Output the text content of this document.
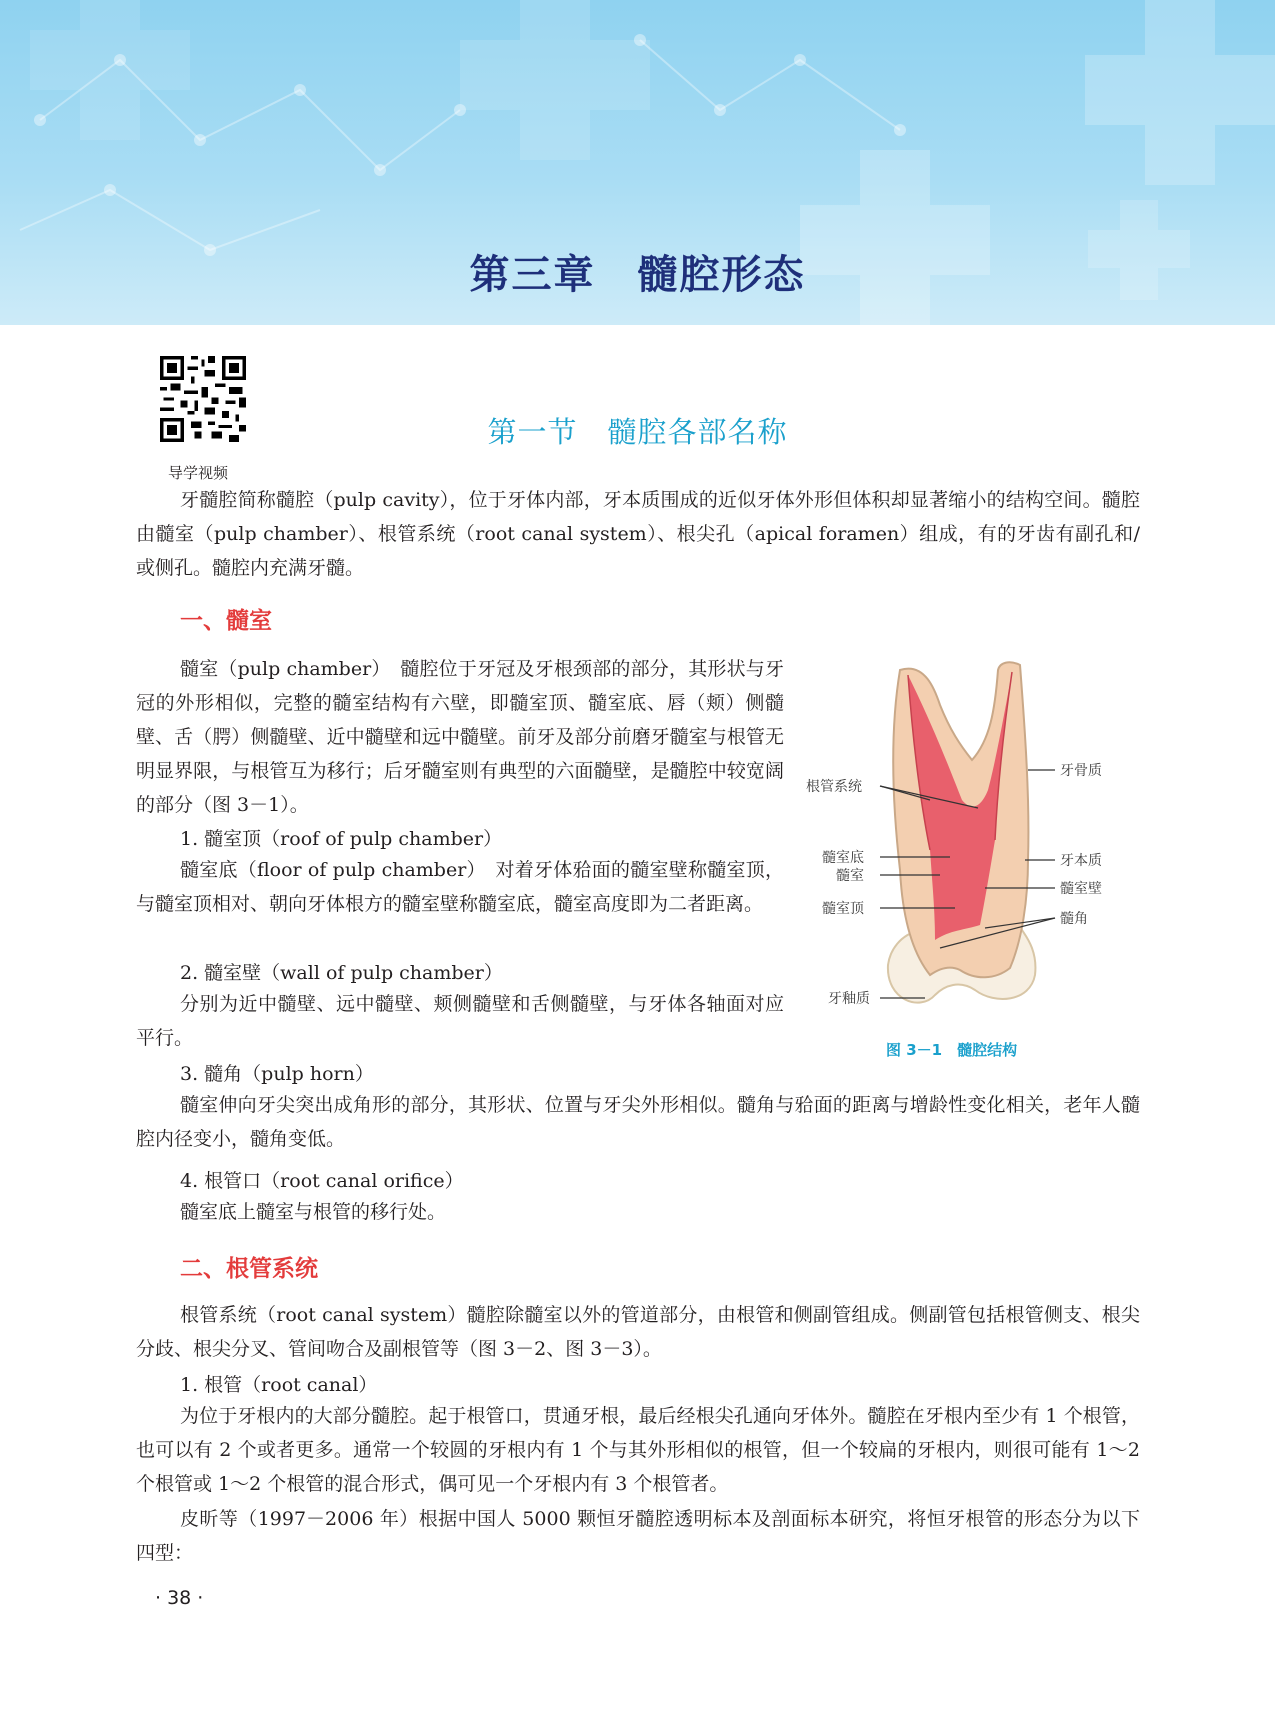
第三章　髓腔形态
导学视频
第一节　髓腔各部名称

牙髓腔简称髓腔（pulp cavity），位于牙体内部，牙本质围成的近似牙体外形但体积却显著缩小的结构空间。髓腔由髓室（pulp chamber）、根管系统（root canal system）、根尖孔（apical foramen）组成，有的牙齿有副孔和/或侧孔。髓腔内充满牙髓。

一、髓室

髓室（pulp chamber）　髓腔位于牙冠及牙根颈部的部分，其形状与牙冠的外形相似，完整的髓室结构有六壁，即髓室顶、髓室底、唇（颊）侧髓壁、舌（腭）侧髓壁、近中髓壁和远中髓壁。前牙及部分前磨牙髓室与根管无明显界限，与根管互为移行；后牙髓室则有典型的六面髓壁，是髓腔中较宽阔的部分（图 3－1）。

1. 髓室顶（roof of pulp chamber）

髓室底（floor of pulp chamber）　对着牙体𬌗面的髓室壁称髓室顶，与髓室顶相对、朝向牙体根方的髓室壁称髓室底，髓室高度即为二者距离。

2. 髓室壁（wall of pulp chamber）

分别为近中髓壁、远中髓壁、颊侧髓壁和舌侧髓壁，与牙体各轴面对应平行。

3. 髓角（pulp horn）

髓室伸向牙尖突出成角形的部分，其形状、位置与牙尖外形相似。髓角与𬌗面的距离与增龄性变化相关，老年人髓腔内径变小，髓角变低。

4. 根管口（root canal orifice）

髓室底上髓室与根管的移行处。

二、根管系统

根管系统（root canal system）髓腔除髓室以外的管道部分，由根管和侧副管组成。侧副管包括根管侧支、根尖分歧、根尖分叉、管间吻合及副根管等（图 3－2、图 3－3）。

1. 根管（root canal）

为位于牙根内的大部分髓腔。起于根管口，贯通牙根，最后经根尖孔通向牙体外。髓腔在牙根内至少有 1 个根管，也可以有 2 个或者更多。通常一个较圆的牙根内有 1 个与其外形相似的根管，但一个较扁的牙根内，则很可能有 1～2 个根管或 1～2 个根管的混合形式，偶可见一个牙根内有 3 个根管者。

皮昕等（1997－2006 年）根据中国人 5000 颗恒牙髓腔透明标本及剖面标本研究，将恒牙根管的形态分为以下四型：

根管系统
髓室底
髓室
髓室顶
牙釉质
牙骨质
牙本质
髓室壁
髓角
图 3－1　髓腔结构
· 38 ·
